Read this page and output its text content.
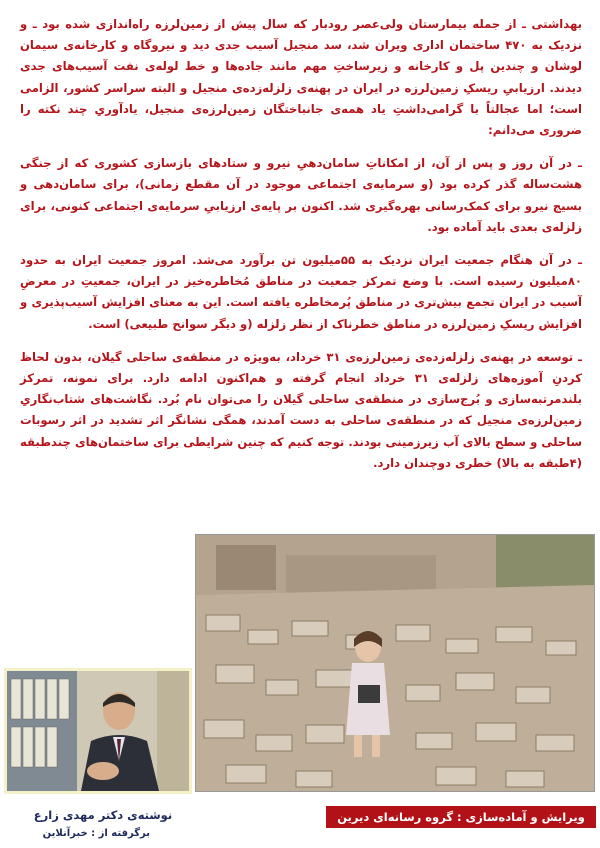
بهداشتی ـ از جمله بیمارستان ولی‌عصر رودبار که سال پیش از زمین‌لرزه راه‌اندازی شده بود ـ و نزدیک به ۴۷۰ ساختمان اداری ویران شد، سد منجیل آسیب جدی دید و نیروگاه و کارخانه‌ی سیمان لوشان و چندین پل و کارخانه و زیرساختِ مهم مانند جاده‌ها و خط لوله‌ی نفت آسیب‌های جدی دیدند. ارزیابیِ ریسکِ زمین‌لرزه در ایران در پهنه‌ی زلزله‌زده‌ی منجیل و البته سراسر کشور، الزامی است؛ اما عجالتاً با گرامی‌داشتِ یاد همه‌ی جانباختگان زمین‌لرزه‌ی منجیل، یادآوریِ چند نکته را ضروری می‌دانم:

ـ در آن روز و پس از آن، از امکاناتِ سامان‌دهیِ نیرو و ستادهای بازسازی کشوری که از جنگی هشت‌ساله گذر کرده بود (و سرمایه‌ی اجتماعی موجود در آن مقطع زمانی)، برای سامان‌دهی و بسیج نیرو برای کمک‌رسانی بهره‌گیری شد. اکنون بر پایه‌ی ارزیابیِ سرمایه‌ی اجتماعی کنونی، برای زلزله‌ی بعدی باید آماده بود.

ـ در آن هنگام جمعیت ایران نزدیک به ۵۵میلیون تن برآورد می‌شد. امروز جمعیت ایران به حدود ۸۰میلیون رسیده است. با وضع تمرکز جمعیت در مناطق مُخاطره‌خیز در ایران، جمعیتِ در معرضِ آسیب در ایران تجمع بیش‌تری در مناطق پُرمخاطره یافته است. این به معنای افزایش آسیب‌پذیری و افزایش ریسکِ زمین‌لرزه در مناطق خطرناک از نظر زلزله (و دیگر سوانح طبیعی) است.

ـ توسعه در پهنه‌ی زلزله‌زده‌ی زمین‌لرزه‌ی ۳۱ خرداد، به‌ویژه در منطقه‌ی ساحلی گیلان، بدون لحاظ کردنِ آموزه‌های زلزله‌ی ۳۱ خرداد انجام گرفته و هم‌اکنون ادامه دارد. برای نمونه، تمرکز بلندمرتبه‌سازی و بُرج‌سازی در منطقه‌ی ساحلی گیلان را می‌توان نام بُرد. نگاشت‌های شتاب‌نگاریِ زمین‌لرزه‌ی منجیل که در منطقه‌ی ساحلی به دست آمدند، همگی نشانگر اثر تشدید در اثر رسوبات ساحلی و سطح بالای آب زیرزمینی بودند. توجه کنیم که چنین شرایطی برای ساختمان‌های چندطبقه (۴طبقه به بالا) خطری دوچندان دارد.

ویرایش و آماده‌سازی : گروه رسانه‌ای دیرین
نوشته‌ی دکتر مهدی زارع
برگرفته از : خبرآنلاین
